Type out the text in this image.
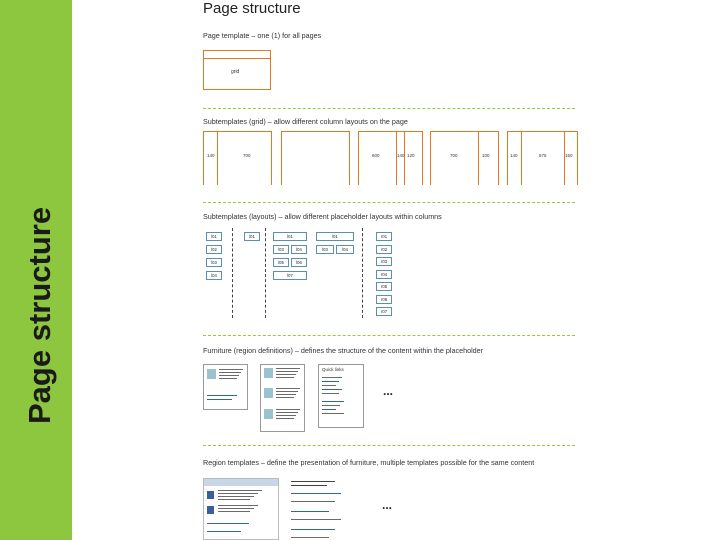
Page structure
Page structure
Page template – one (1) for all pages
grid
Subtemplates (grid) – allow different column layouts on the page
Subtemplates (layouts) – allow different placeholder layouts within columns
Furniture (region definitions) – defines the structure of the content within the placeholder
...
Region templates – define the presentation of furniture, multiple templates possible for the same content
...
140	700	600	140 120	700	100	140	575	150
l01
l02
l03
l04
l01	l01
l03	l04
l05	l06
l07
l01
l03	l04
r01
r02
r03
r04
r05
r06
r07
Quick links
